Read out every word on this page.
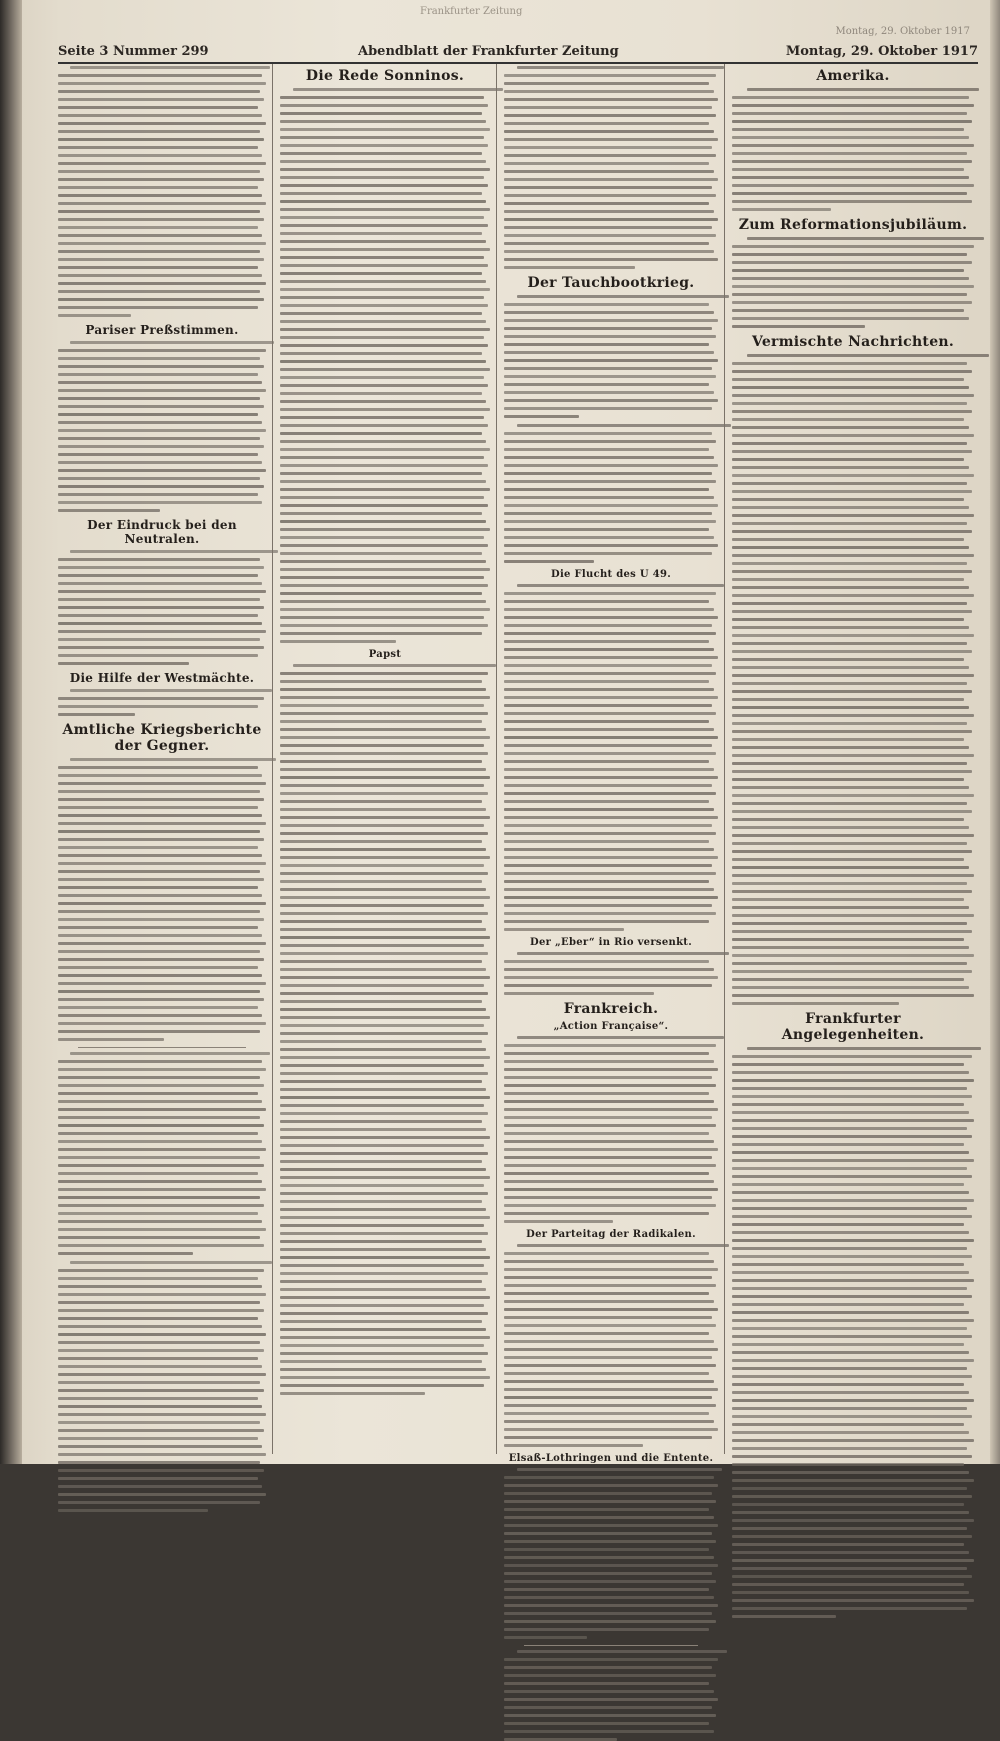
Frankfurter Zeitung
Montag, 29. Oktober 1917
Seite 3 Nummer 299	Abendblatt der Frankfurter Zeitung	Montag, 29. Oktober 1917
Pariser Preßstimmen.
Der Eindruck bei den Neutralen.
Die Hilfe der Westmächte.
Amtliche Kriegsberichte der Gegner.
Die Rede Sonninos.
Papst
Der Tauchbootkrieg.
Die Flucht des U 49.
Der „Eber“ in Rio versenkt.
Frankreich.
„Action Française“.
Der Parteitag der Radikalen.
Elsaß-Lothringen und die Entente.
Amerika.
Zum Reformationsjubiläum.
Vermischte Nachrichten.
Frankfurter Angelegenheiten.
